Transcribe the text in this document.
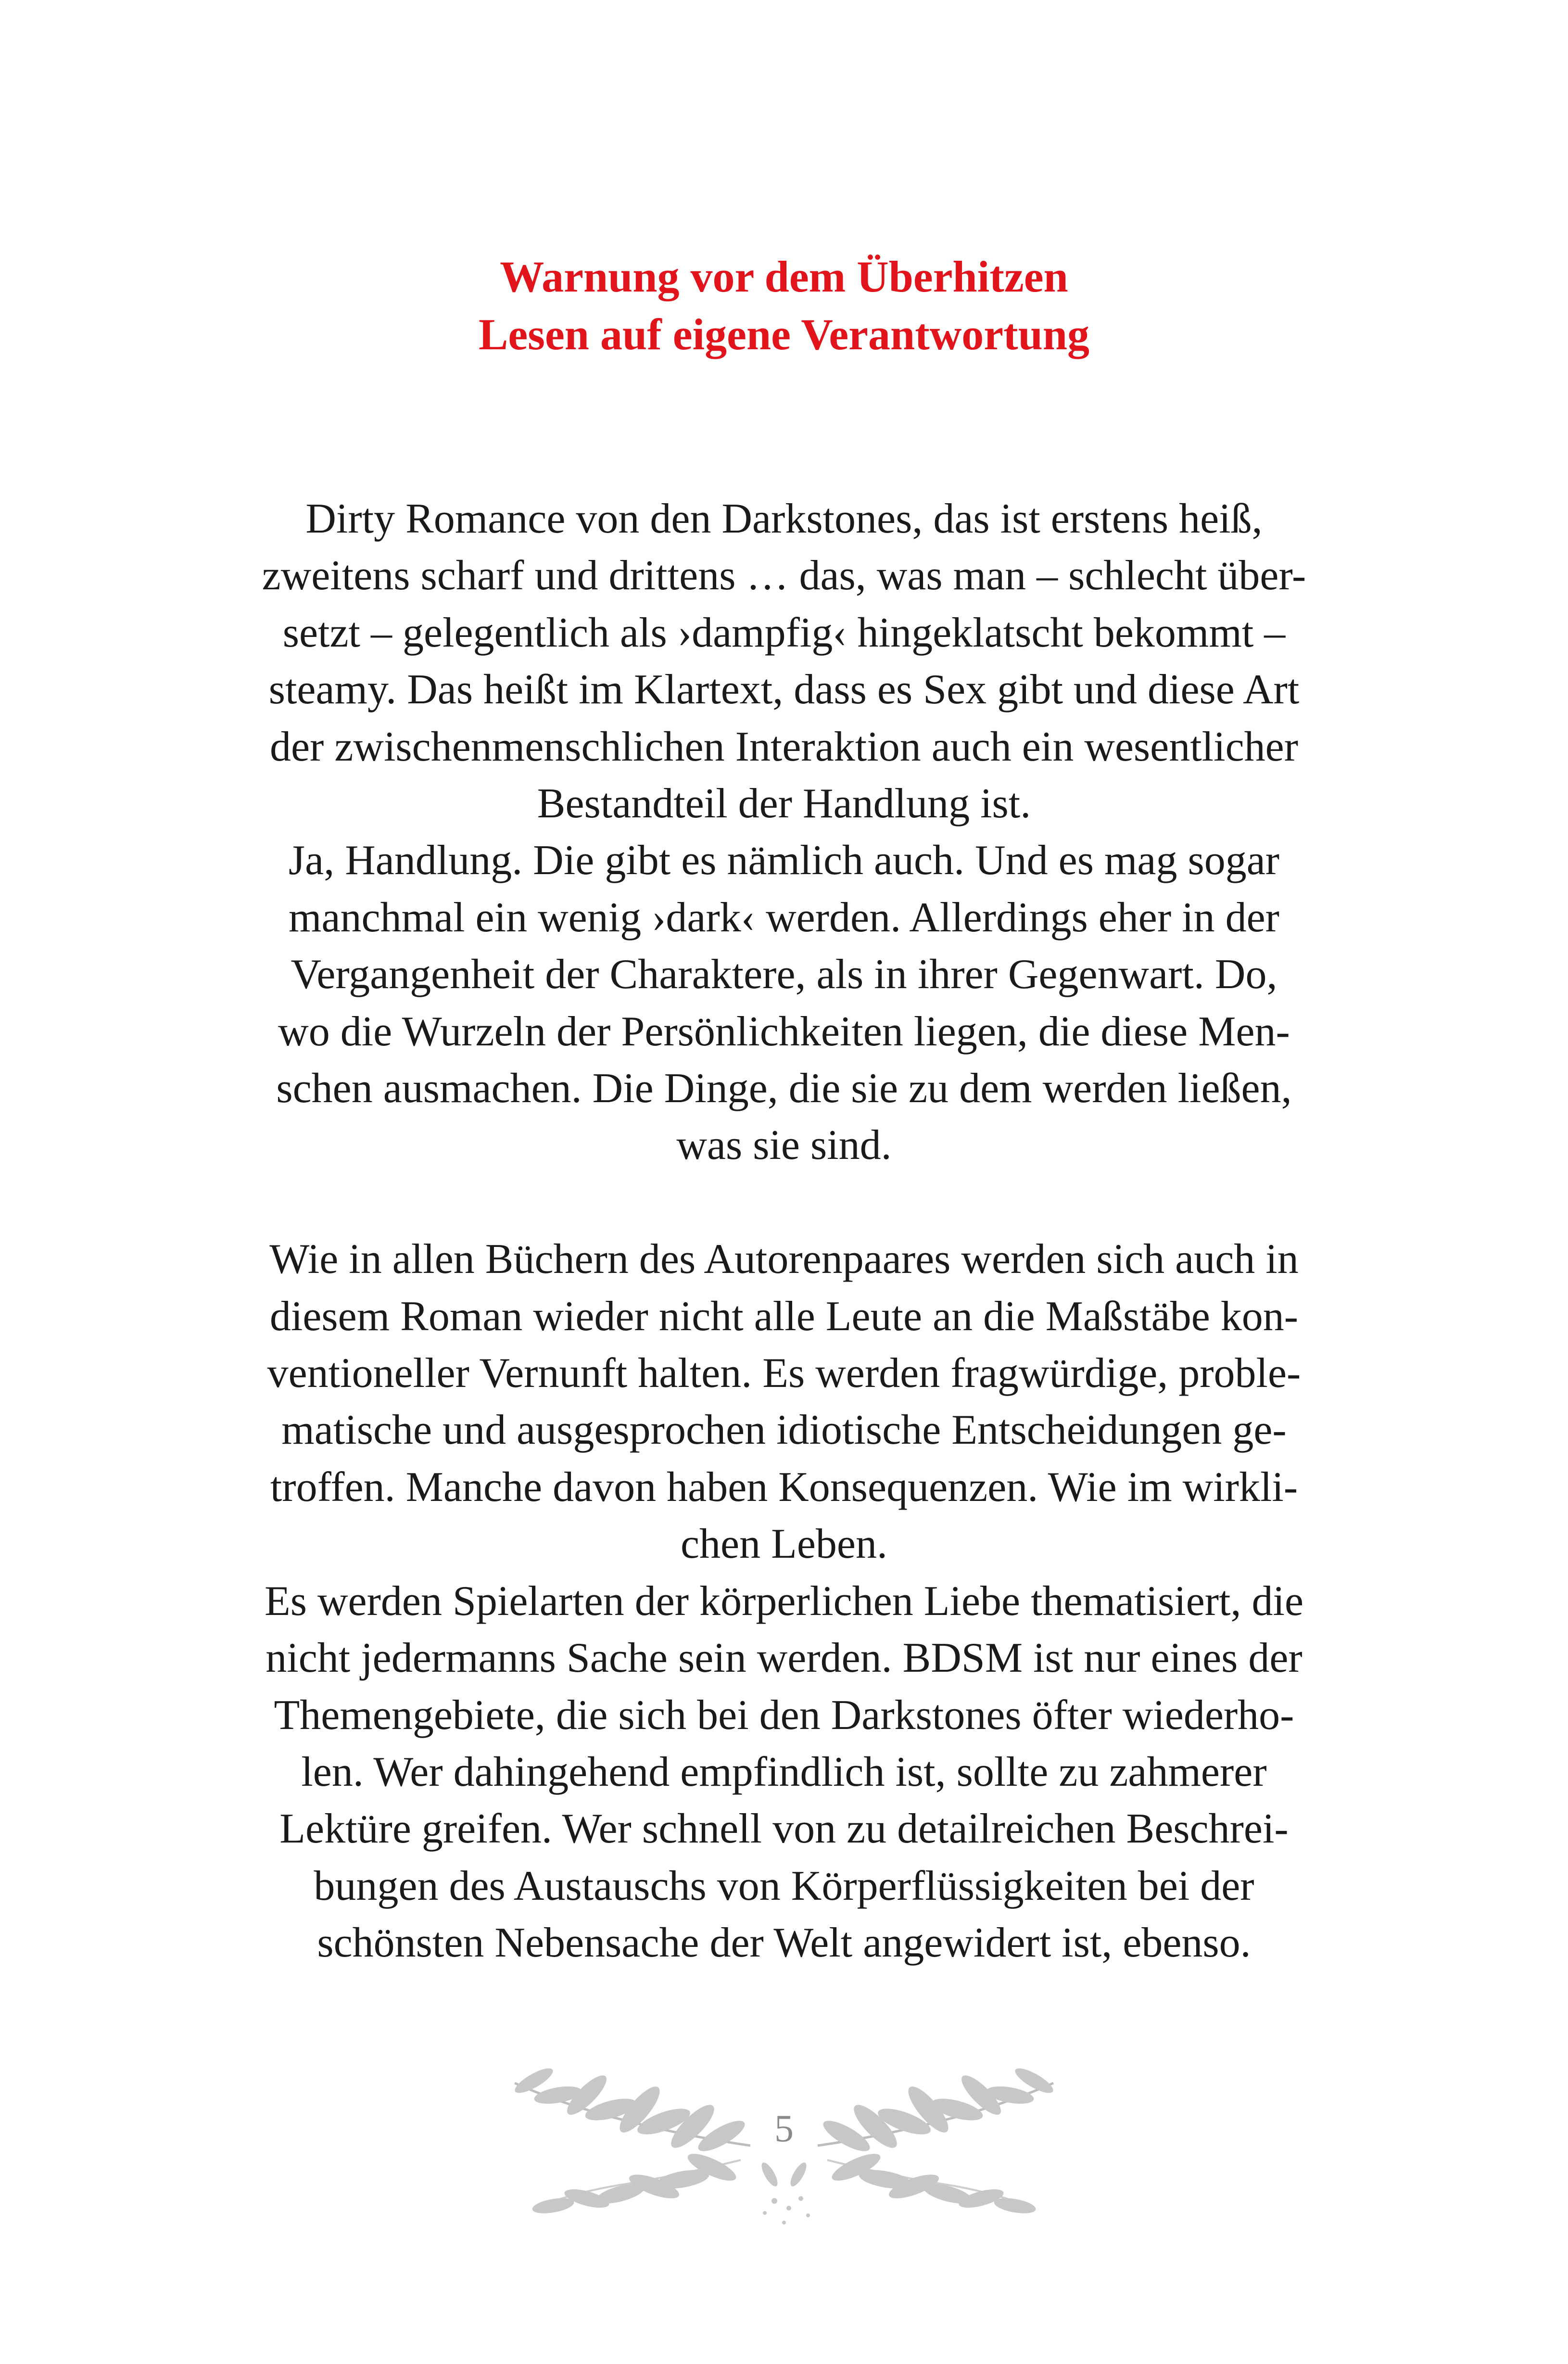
Warnung vor dem Überhitzen
Lesen auf eigene Verantwortung
Dirty Romance von den Darkstones, das ist erstens heiß,
zweitens scharf und drittens … das, was man – schlecht über-
setzt – gelegentlich als ›dampfig‹ hingeklatscht bekommt –
steamy. Das heißt im Klartext, dass es Sex gibt und diese Art
der zwischenmenschlichen Interaktion auch ein wesentlicher
Bestandteil der Handlung ist.
Ja, Handlung. Die gibt es nämlich auch. Und es mag sogar
manchmal ein wenig ›dark‹ werden. Allerdings eher in der
Vergangenheit der Charaktere, als in ihrer Gegenwart. Do,
wo die Wurzeln der Persönlichkeiten liegen, die diese Men-
schen ausmachen. Die Dinge, die sie zu dem werden ließen,
was sie sind.
Wie in allen Büchern des Autorenpaares werden sich auch in
diesem Roman wieder nicht alle Leute an die Maßstäbe kon-
ventioneller Vernunft halten. Es werden fragwürdige, proble-
matische und ausgesprochen idiotische Entscheidungen ge-
troffen. Manche davon haben Konsequenzen. Wie im wirkli-
chen Leben.
Es werden Spielarten der körperlichen Liebe thematisiert, die
nicht jedermanns Sache sein werden. BDSM ist nur eines der
Themengebiete, die sich bei den Darkstones öfter wiederho-
len. Wer dahingehend empfindlich ist, sollte zu zahmerer
Lektüre greifen. Wer schnell von zu detailreichen Beschrei-
bungen des Austauschs von Körperflüssigkeiten bei der
schönsten Nebensache der Welt angewidert ist, ebenso.
5
